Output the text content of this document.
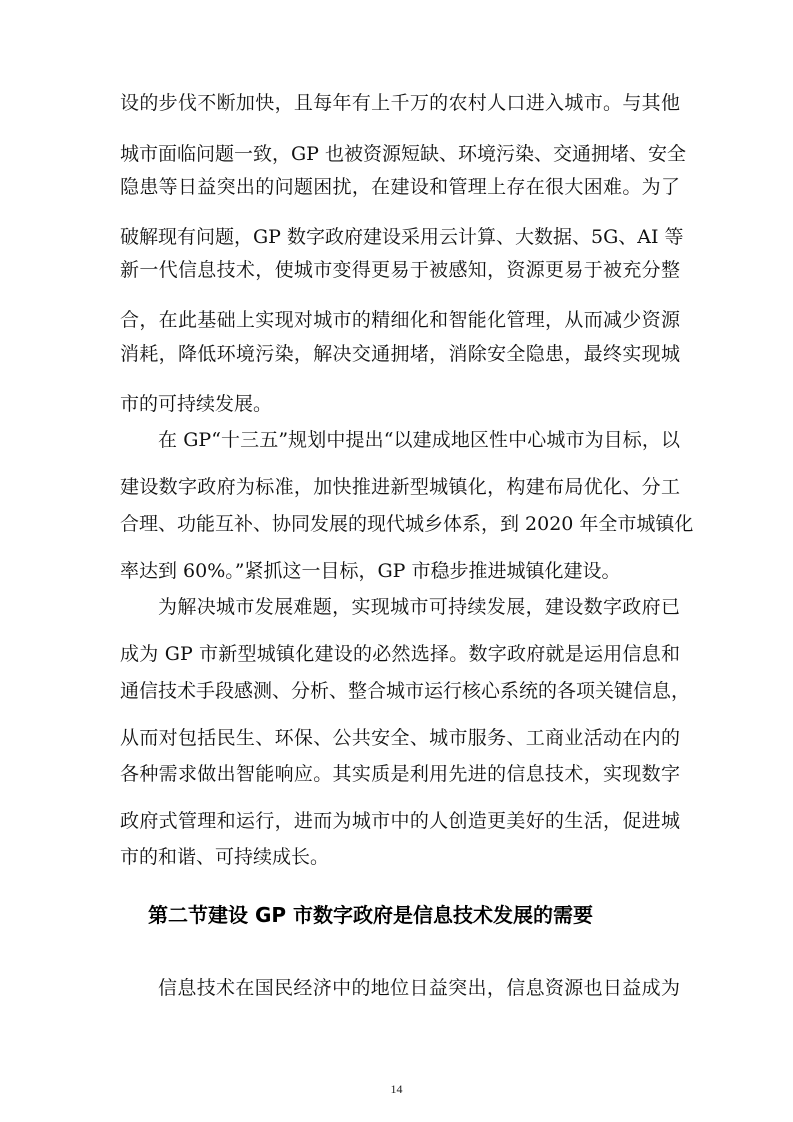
设的步伐不断加快，且每年有上千万的农村人口进入城市。与其他
城市面临问题一致，GP 也被资源短缺、环境污染、交通拥堵、安全
隐患等日益突出的问题困扰，在建设和管理上存在很大困难。为了
破解现有问题，GP 数字政府建设采用云计算、大数据、5G、AI 等
新一代信息技术，使城市变得更易于被感知，资源更易于被充分整
合，在此基础上实现对城市的精细化和智能化管理，从而减少资源
消耗，降低环境污染，解决交通拥堵，消除安全隐患，最终实现城
市的可持续发展。
在 GP“十三五”规划中提出“以建成地区性中心城市为目标，以
建设数字政府为标准，加快推进新型城镇化，构建布局优化、分工
合理、功能互补、协同发展的现代城乡体系，到 2020 年全市城镇化
率达到 60%。”紧抓这一目标，GP 市稳步推进城镇化建设。
为解决城市发展难题，实现城市可持续发展，建设数字政府已
成为 GP 市新型城镇化建设的必然选择。数字政府就是运用信息和
通信技术手段感测、分析、整合城市运行核心系统的各项关键信息，
从而对包括民生、环保、公共安全、城市服务、工商业活动在内的
各种需求做出智能响应。其实质是利用先进的信息技术，实现数字
政府式管理和运行，进而为城市中的人创造更美好的生活，促进城
市的和谐、可持续成长。
信息技术在国民经济中的地位日益突出，信息资源也日益成为
第二节建设 GP 市数字政府是信息技术发展的需要
14
